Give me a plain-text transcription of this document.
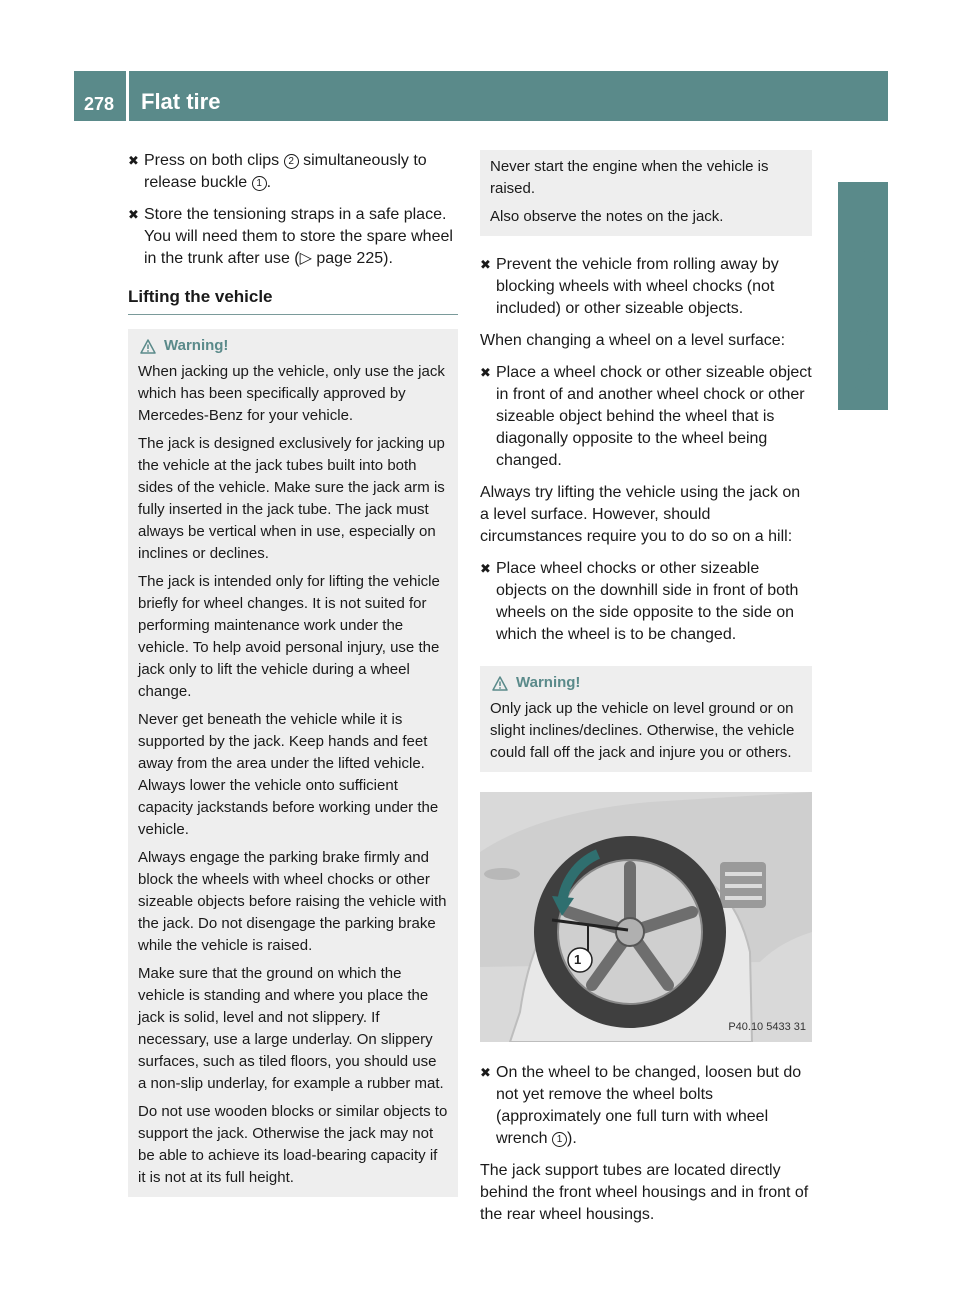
278 Flat tire
Practical hints
✖ Press on both clips 2 simultaneously to release buckle 1 .
✖ Store the tensioning straps in a safe place. You will need them to store the spare wheel in the trunk after use (▷ page 225).
Lifting the vehicle
Warning!

When jacking up the vehicle, only use the jack which has been specifically approved by Mercedes-Benz for your vehicle.

The jack is designed exclusively for jacking up the vehicle at the jack tubes built into both sides of the vehicle. Make sure the jack arm is fully inserted in the jack tube. The jack must always be vertical when in use, especially on inclines or declines.

The jack is intended only for lifting the vehicle briefly for wheel changes. It is not suited for performing maintenance work under the vehicle. To help avoid personal injury, use the jack only to lift the vehicle during a wheel change.

Never get beneath the vehicle while it is supported by the jack. Keep hands and feet away from the area under the lifted vehicle. Always lower the vehicle onto sufficient capacity jackstands before working under the vehicle.

Always engage the parking brake firmly and block the wheels with wheel chocks or other sizeable objects before raising the vehicle with the jack. Do not disengage the parking brake while the vehicle is raised.

Make sure that the ground on which the vehicle is standing and where you place the jack is solid, level and not slippery. If necessary, use a large underlay. On slippery surfaces, such as tiled floors, you should use a non-slip underlay, for example a rubber mat.

Do not use wooden blocks or similar objects to support the jack. Otherwise the jack may not be able to achieve its load-bearing capacity if it is not at its full height.

Never start the engine when the vehicle is raised.

Also observe the notes on the jack.

✖ Prevent the vehicle from rolling away by blocking wheels with wheel chocks (not included) or other sizeable objects.
When changing a wheel on a level surface:
✖ Place a wheel chock or other sizeable object in front of and another wheel chock or other sizeable object behind the wheel that is diagonally opposite to the wheel being changed.
Always try lifting the vehicle using the jack on a level surface. However, should circumstances require you to do so on a hill:
✖ Place wheel chocks or other sizeable objects on the downhill side in front of both wheels on the side opposite to the side on which the wheel is to be changed.
Warning!

Only jack up the vehicle on level ground or on slight inclines/declines. Otherwise, the vehicle could fall off the jack and injure you or others.

1
P40.10 5433 31
✖ On the wheel to be changed, loosen but do not yet remove the wheel bolts (approximately one full turn with wheel wrench 1 ).
The jack support tubes are located directly behind the front wheel housings and in front of the rear wheel housings.
